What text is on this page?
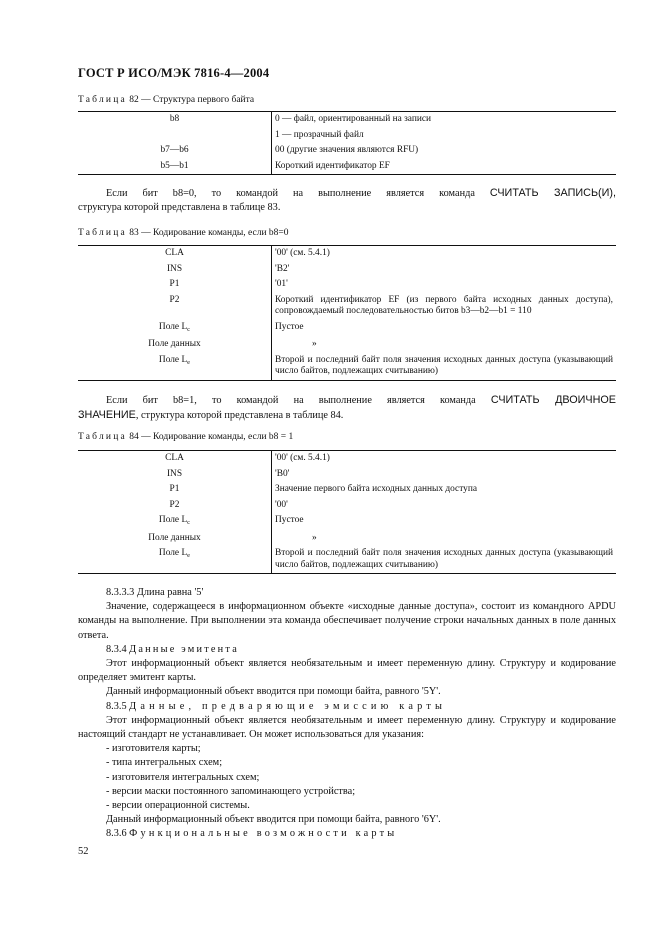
ГОСТ Р ИСО/МЭК 7816-4—2004
Таблица 82 — Структура первого байта
b8	0 — файл, ориентированный на записи
	1 — прозрачный файл
b7—b6	00 (другие значения являются RFU)
b5—b1	Короткий идентификатор EF
Если бит b8=0, то командой на выполнение является команда СЧИТАТЬ ЗАПИСЬ(И),
структура которой представлена в таблице 83.
Таблица 83 — Кодирование команды, если b8=0
CLA	'00' (см. 5.4.1)
INS	'B2'
P1	'01'
P2	Короткий идентификатор EF (из первого байта исходных данных доступа), сопровождаемый последовательностью битов b3—b2—b1 = 110
Поле $L_c$	Пустое
Поле данных	»
Поле $L_e$	Второй и последний байт поля значения исходных данных доступа (указывающий число байтов, подлежащих считыванию)
Если бит b8=1, то командой на выполнение является команда СЧИТАТЬ ДВОИЧНОЕ
ЗНАЧЕНИЕ, структура которой представлена в таблице 84.
Таблица 84 — Кодирование команды, если b8 = 1
CLA	'00' (см. 5.4.1)
INS	'B0'
P1	Значение первого байта исходных данных доступа
P2	'00'
Поле $L_c$	Пустое
Поле данных	»
Поле $L_e$	Второй и последний байт поля значения исходных данных доступа (указывающий число байтов, подлежащих считыванию)
8.3.3.3 Длина равна '5'
Значение, содержащееся в информационном объекте «исходные данные доступа», состоит из командного APDU команды на выполнение. При выполнении эта команда обеспечивает получение строки начальных данных в поле данных ответа.
8.3.4 Данные эмитента
Этот информационный объект является необязательным и имеет переменную длину. Структуру и кодирование определяет эмитент карты.
Данный информационный объект вводится при помощи байта, равного '5Y'.
8.3.5 Данные, предваряющие эмиссию карты
Этот информационный объект является необязательным и имеет переменную длину. Структуру и кодирование настоящий стандарт не устанавливает. Он может использоваться для указания:
- изготовителя карты;
- типа интегральных схем;
- изготовителя интегральных схем;
- версии маски постоянного запоминающего устройства;
- версии операционной системы.
Данный информационный объект вводится при помощи байта, равного '6Y'.
8.3.6 Функциональные возможности карты
52
